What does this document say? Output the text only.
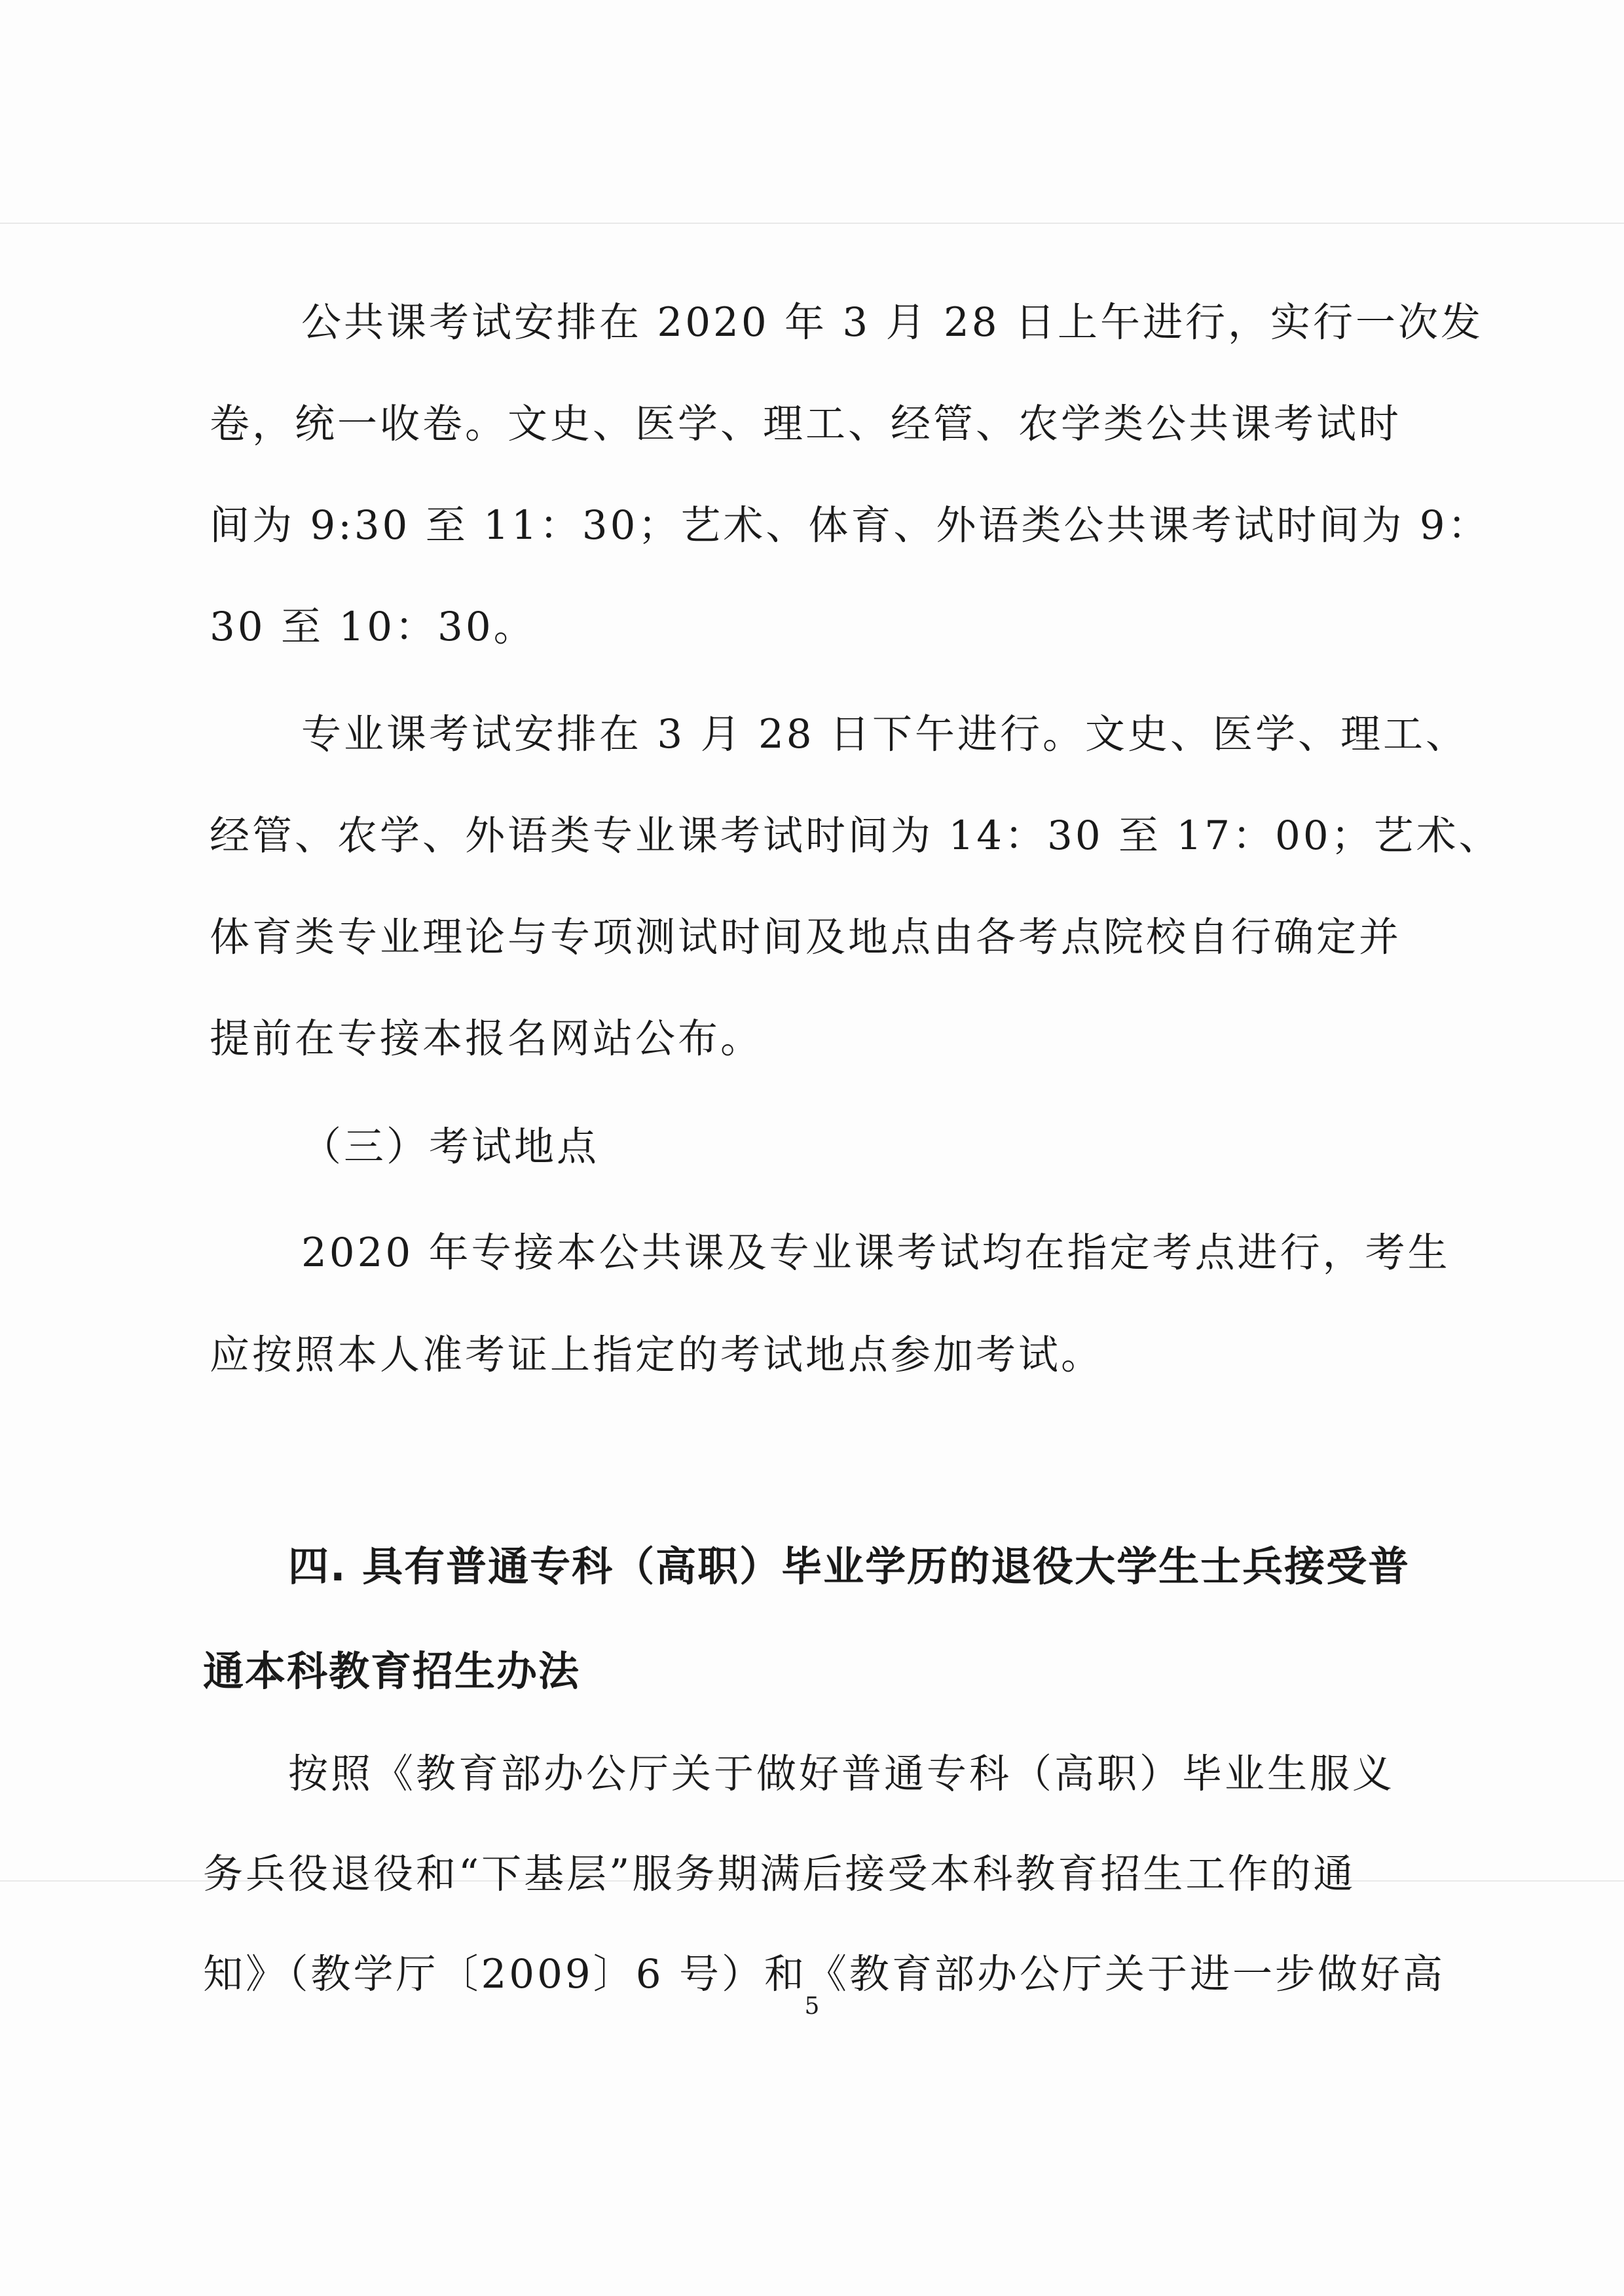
公共课考试安排在 2020 年 3 月 28 日上午进行，实行一次发
卷，统一收卷。文史、医学、理工、经管、农学类公共课考试时
间为 9:30 至 11：30；艺术、体育、外语类公共课考试时间为 9：
30 至 10：30。
专业课考试安排在 3 月 28 日下午进行。文史、医学、理工、
经管、农学、外语类专业课考试时间为 14：30 至 17：00；艺术、
体育类专业理论与专项测试时间及地点由各考点院校自行确定并
提前在专接本报名网站公布。
（三）考试地点
2020 年专接本公共课及专业课考试均在指定考点进行，考生
应按照本人准考证上指定的考试地点参加考试。
四. 具有普通专科（高职）毕业学历的退役大学生士兵接受普
通本科教育招生办法
按照《教育部办公厅关于做好普通专科（高职）毕业生服义
务兵役退役和“下基层”服务期满后接受本科教育招生工作的通
知》（教学厅〔2009〕6 号）和《教育部办公厅关于进一步做好高
5
